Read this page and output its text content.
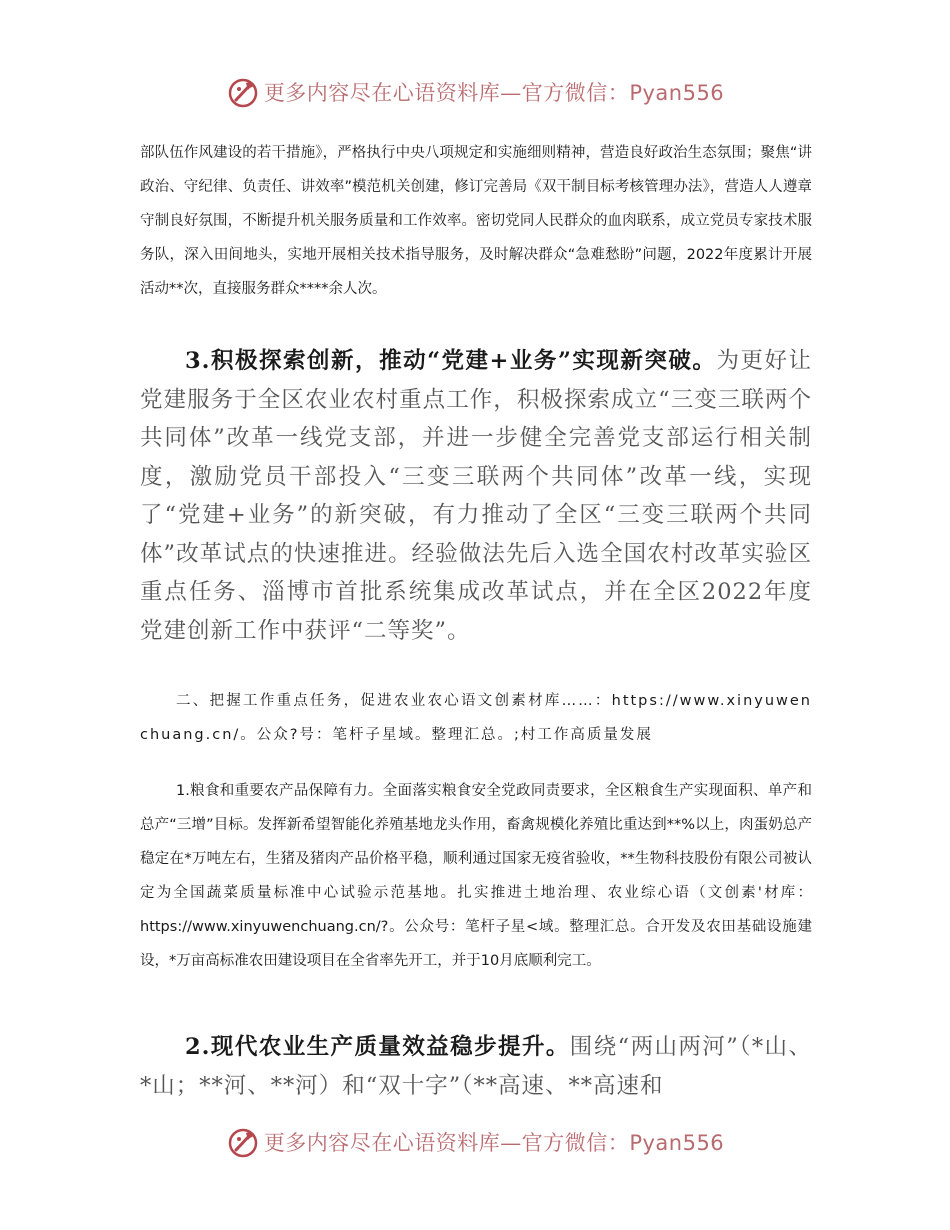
更多内容尽在心语资料库—官方微信：Pyan556

部队伍作风建设的若干措施》，严格执行中央八项规定和实施细则精神，营造良好政治生态氛围；聚焦“讲政治、守纪律、负责任、讲效率”模范机关创建，修订完善局《双干制目标考核管理办法》，营造人人遵章守制良好氛围，不断提升机关服务质量和工作效率。密切党同人民群众的血肉联系，成立党员专家技术服务队，深入田间地头，实地开展相关技术指导服务，及时解决群众“急难愁盼”问题，2022年度累计开展活动**次，直接服务群众****余人次。

3.积极探索创新，推动“党建+业务”实现新突破。为更好让党建服务于全区农业农村重点工作，积极探索成立“三变三联两个共同体”改革一线党支部，并进一步健全完善党支部运行相关制度，激励党员干部投入“三变三联两个共同体”改革一线，实现了“党建+业务”的新突破，有力推动了全区“三变三联两个共同体”改革试点的快速推进。经验做法先后入选全国农村改革实验区重点任务、淄博市首批系统集成改革试点，并在全区2022年度党建创新工作中获评“二等奖”。

二、把握工作重点任务，促进农业农心语文创素材库……：https://www.xinyuwenchuang.cn/。公众?号：笔杆子星域。整理汇总。;村工作高质量发展

1.粮食和重要农产品保障有力。全面落实粮食安全党政同责要求，全区粮食生产实现面积、单产和总产“三增”目标。发挥新希望智能化养殖基地龙头作用，畜禽规模化养殖比重达到**%以上，肉蛋奶总产稳定在*万吨左右，生猪及猪肉产品价格平稳，顺利通过国家无疫省验收，**生物科技股份有限公司被认定为全国蔬菜质量标准中心试验示范基地。扎实推进土地治理、农业综心语（文创素'材库：https://www.xinyuwenchuang.cn/?。公众号：笔杆子星<域。整理汇总。合开发及农田基础设施建设，*万亩高标准农田建设项目在全省率先开工，并于10月底顺利完工。

2.现代农业生产质量效益稳步提升。围绕“两山两河”（*山、*山；**河、**河）和“双十字”（**高速、**高速和

更多内容尽在心语资料库—官方微信：Pyan556
